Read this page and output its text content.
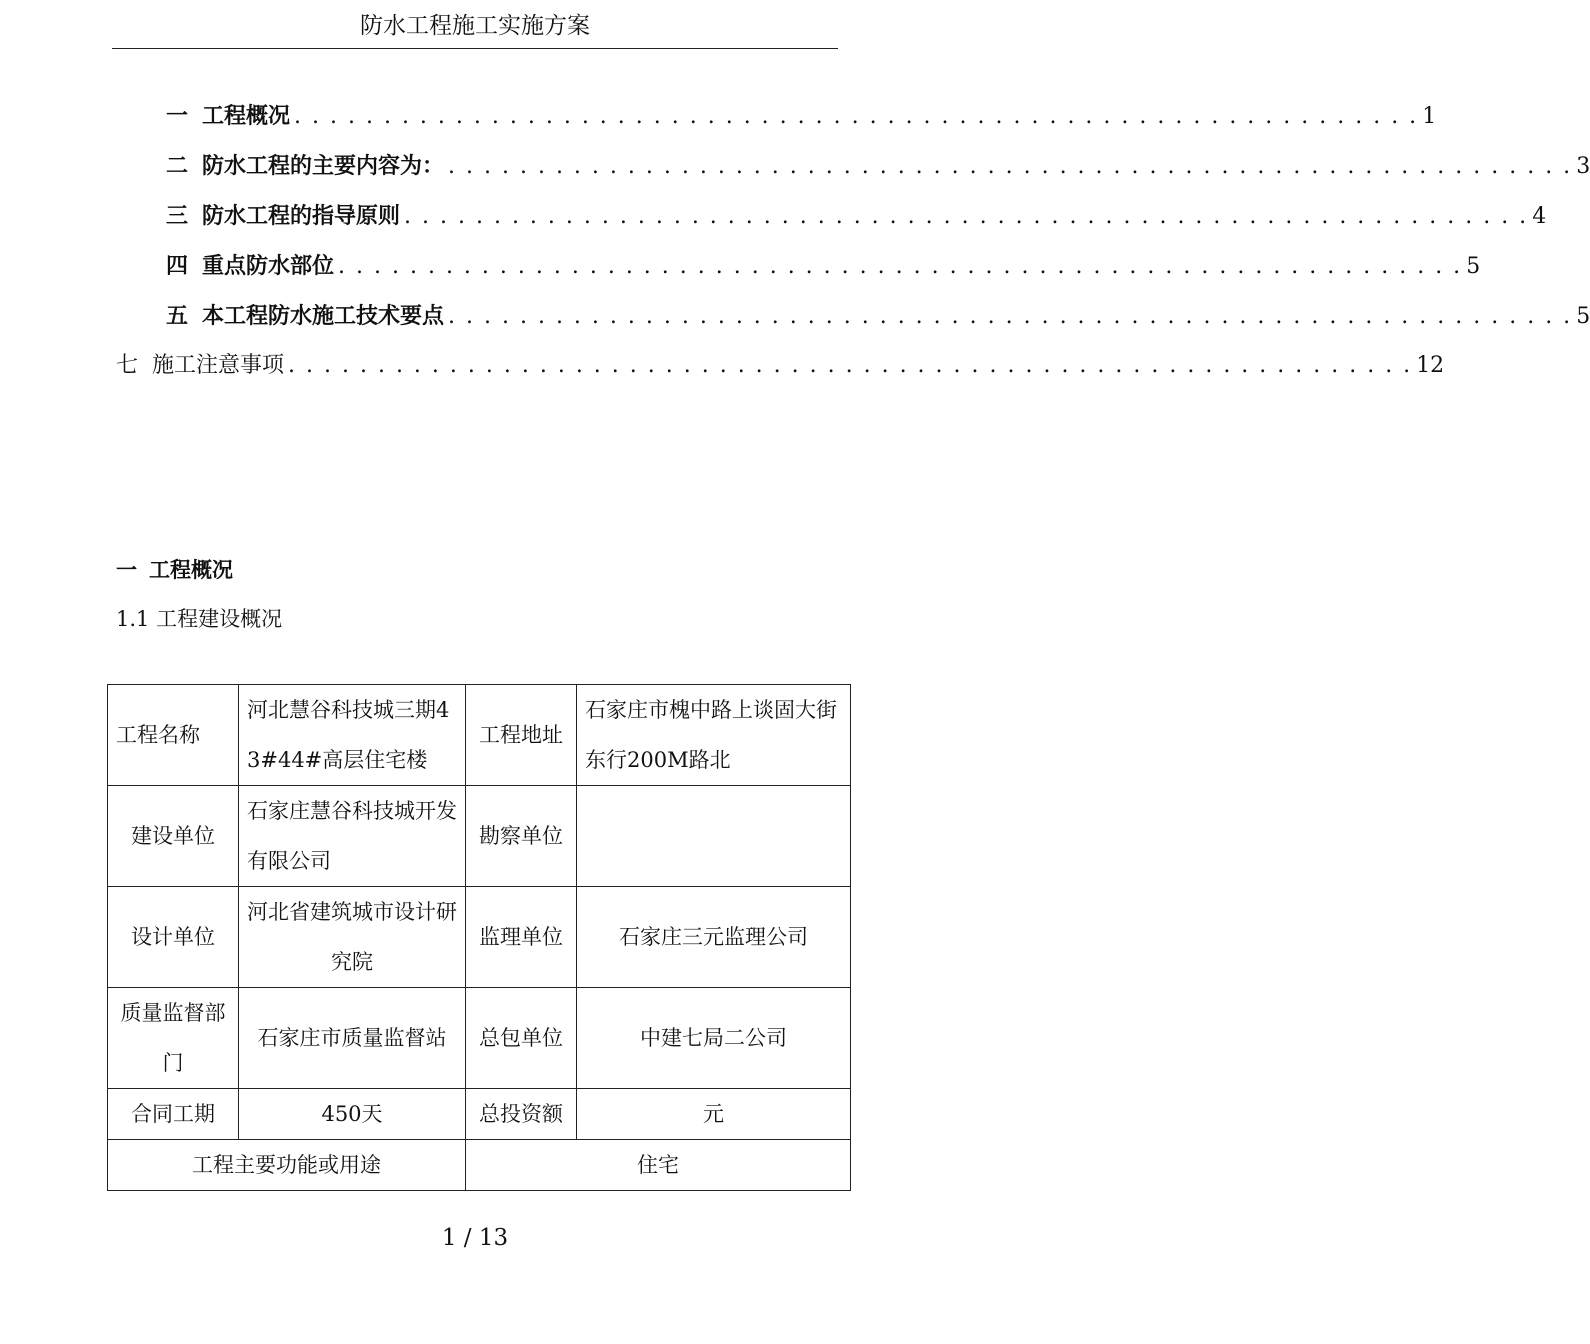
防水工程施工实施方案
一 工程概况 . . . . . . . . . . . . . . . . . . . . . . . . . . . . . . . . . . . . . . . . . . . . . . . . . . . . . . . . . . . . . . . 1
二 防水工程的主要内容为： . . . . . . . . . . . . . . . . . . . . . . . . . . . . . . . . . . . . . . . . . . . . . . . . . . . . . . . . . . . . . . . 3
三 防水工程的指导原则 . . . . . . . . . . . . . . . . . . . . . . . . . . . . . . . . . . . . . . . . . . . . . . . . . . . . . . . . . . . . . . . 4
四 重点防水部位 . . . . . . . . . . . . . . . . . . . . . . . . . . . . . . . . . . . . . . . . . . . . . . . . . . . . . . . . . . . . . . . 5
五 本工程防水施工技术要点 . . . . . . . . . . . . . . . . . . . . . . . . . . . . . . . . . . . . . . . . . . . . . . . . . . . . . . . . . . . . . . . 5
七 施工注意事项 . . . . . . . . . . . . . . . . . . . . . . . . . . . . . . . . . . . . . . . . . . . . . . . . . . . . . . . . . . . . . . . 12
一 工程概况
1.1 工程建设概况
工程名称	河北慧谷科技城三期43#44#高层住宅楼	工程地址	石家庄市槐中路上谈固大街东行200M路北
建设单位	石家庄慧谷科技城开发有限公司	勘察单位	
设计单位	河北省建筑城市设计研究院	监理单位	石家庄三元监理公司
质量监督部门	石家庄市质量监督站	总包单位	中建七局二公司
合同工期	450天	总投资额	元
工程主要功能或用途		住宅	
1 / 13
